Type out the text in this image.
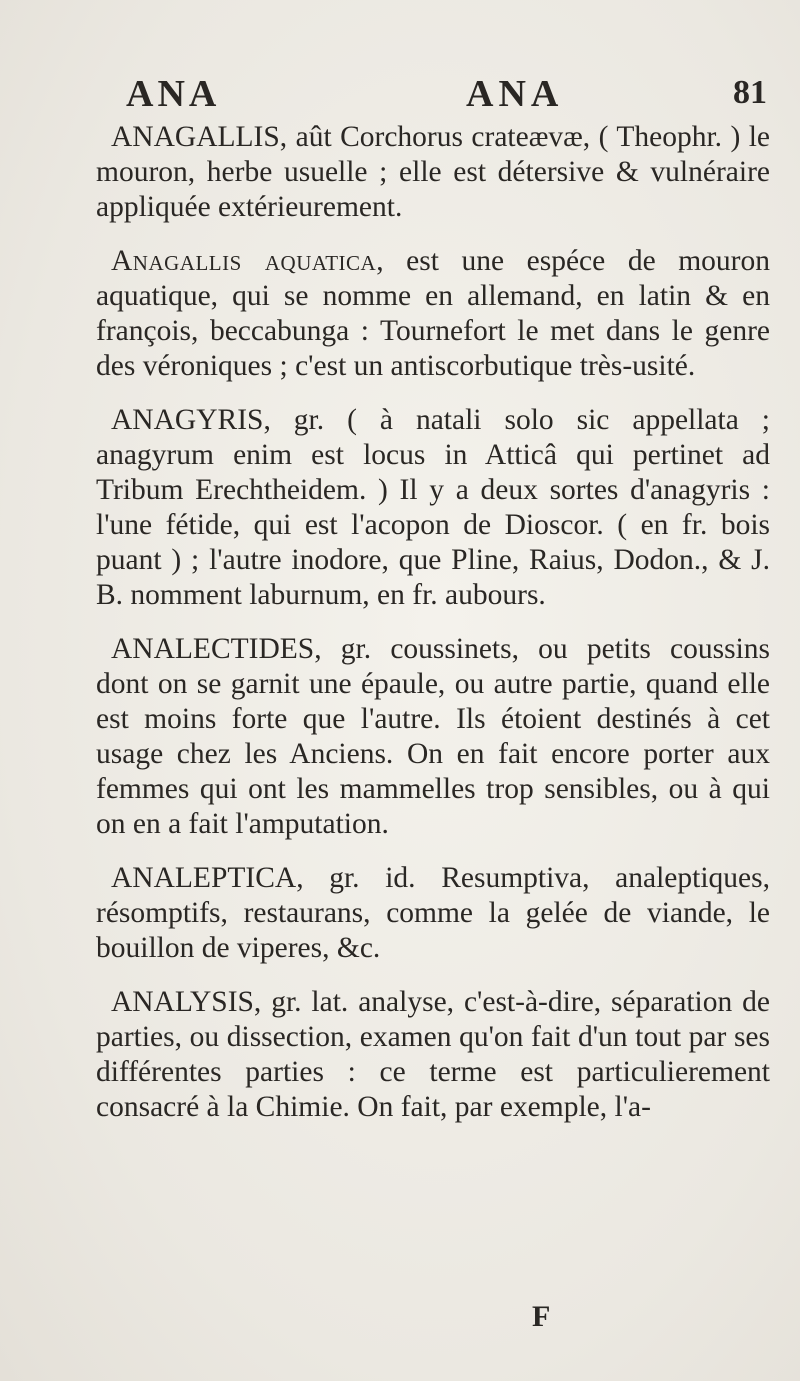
ANA	ANA	81

ANAGALLIS, aût Corchorus crateævæ, ( Theophr. ) le mouron, herbe usuelle ; elle est détersive & vulnéraire appliquée extérieurement.

Anagallis aquatica, est une espéce de mouron aquatique, qui se nomme en allemand, en latin & en françois, beccabunga : Tournefort le met dans le genre des véroniques ; c'est un antiscorbutique très-usité.

ANAGYRIS, gr. ( à natali solo sic appellata ; anagyrum enim est locus in Atticâ qui pertinet ad Tribum Erechtheidem. ) Il y a deux sortes d'anagyris : l'une fétide, qui est l'acopon de Dioscor. ( en fr. bois puant ) ; l'autre inodore, que Pline, Raius, Dodon., & J. B. nomment laburnum, en fr. aubours.

ANALECTIDES, gr. coussinets, ou petits coussins dont on se garnit une épaule, ou autre partie, quand elle est moins forte que l'autre. Ils étoient destinés à cet usage chez les Anciens. On en fait encore porter aux femmes qui ont les mammelles trop sensibles, ou à qui on en a fait l'amputation.

ANALEPTICA, gr. id. Resumptiva, analeptiques, résomptifs, restaurans, comme la gelée de viande, le bouillon de viperes, &c.

ANALYSIS, gr. lat. analyse, c'est-à-dire, séparation de parties, ou dissection, examen qu'on fait d'un tout par ses différentes parties : ce terme est particulierement consacré à la Chimie. On fait, par exemple, l'a-

F
